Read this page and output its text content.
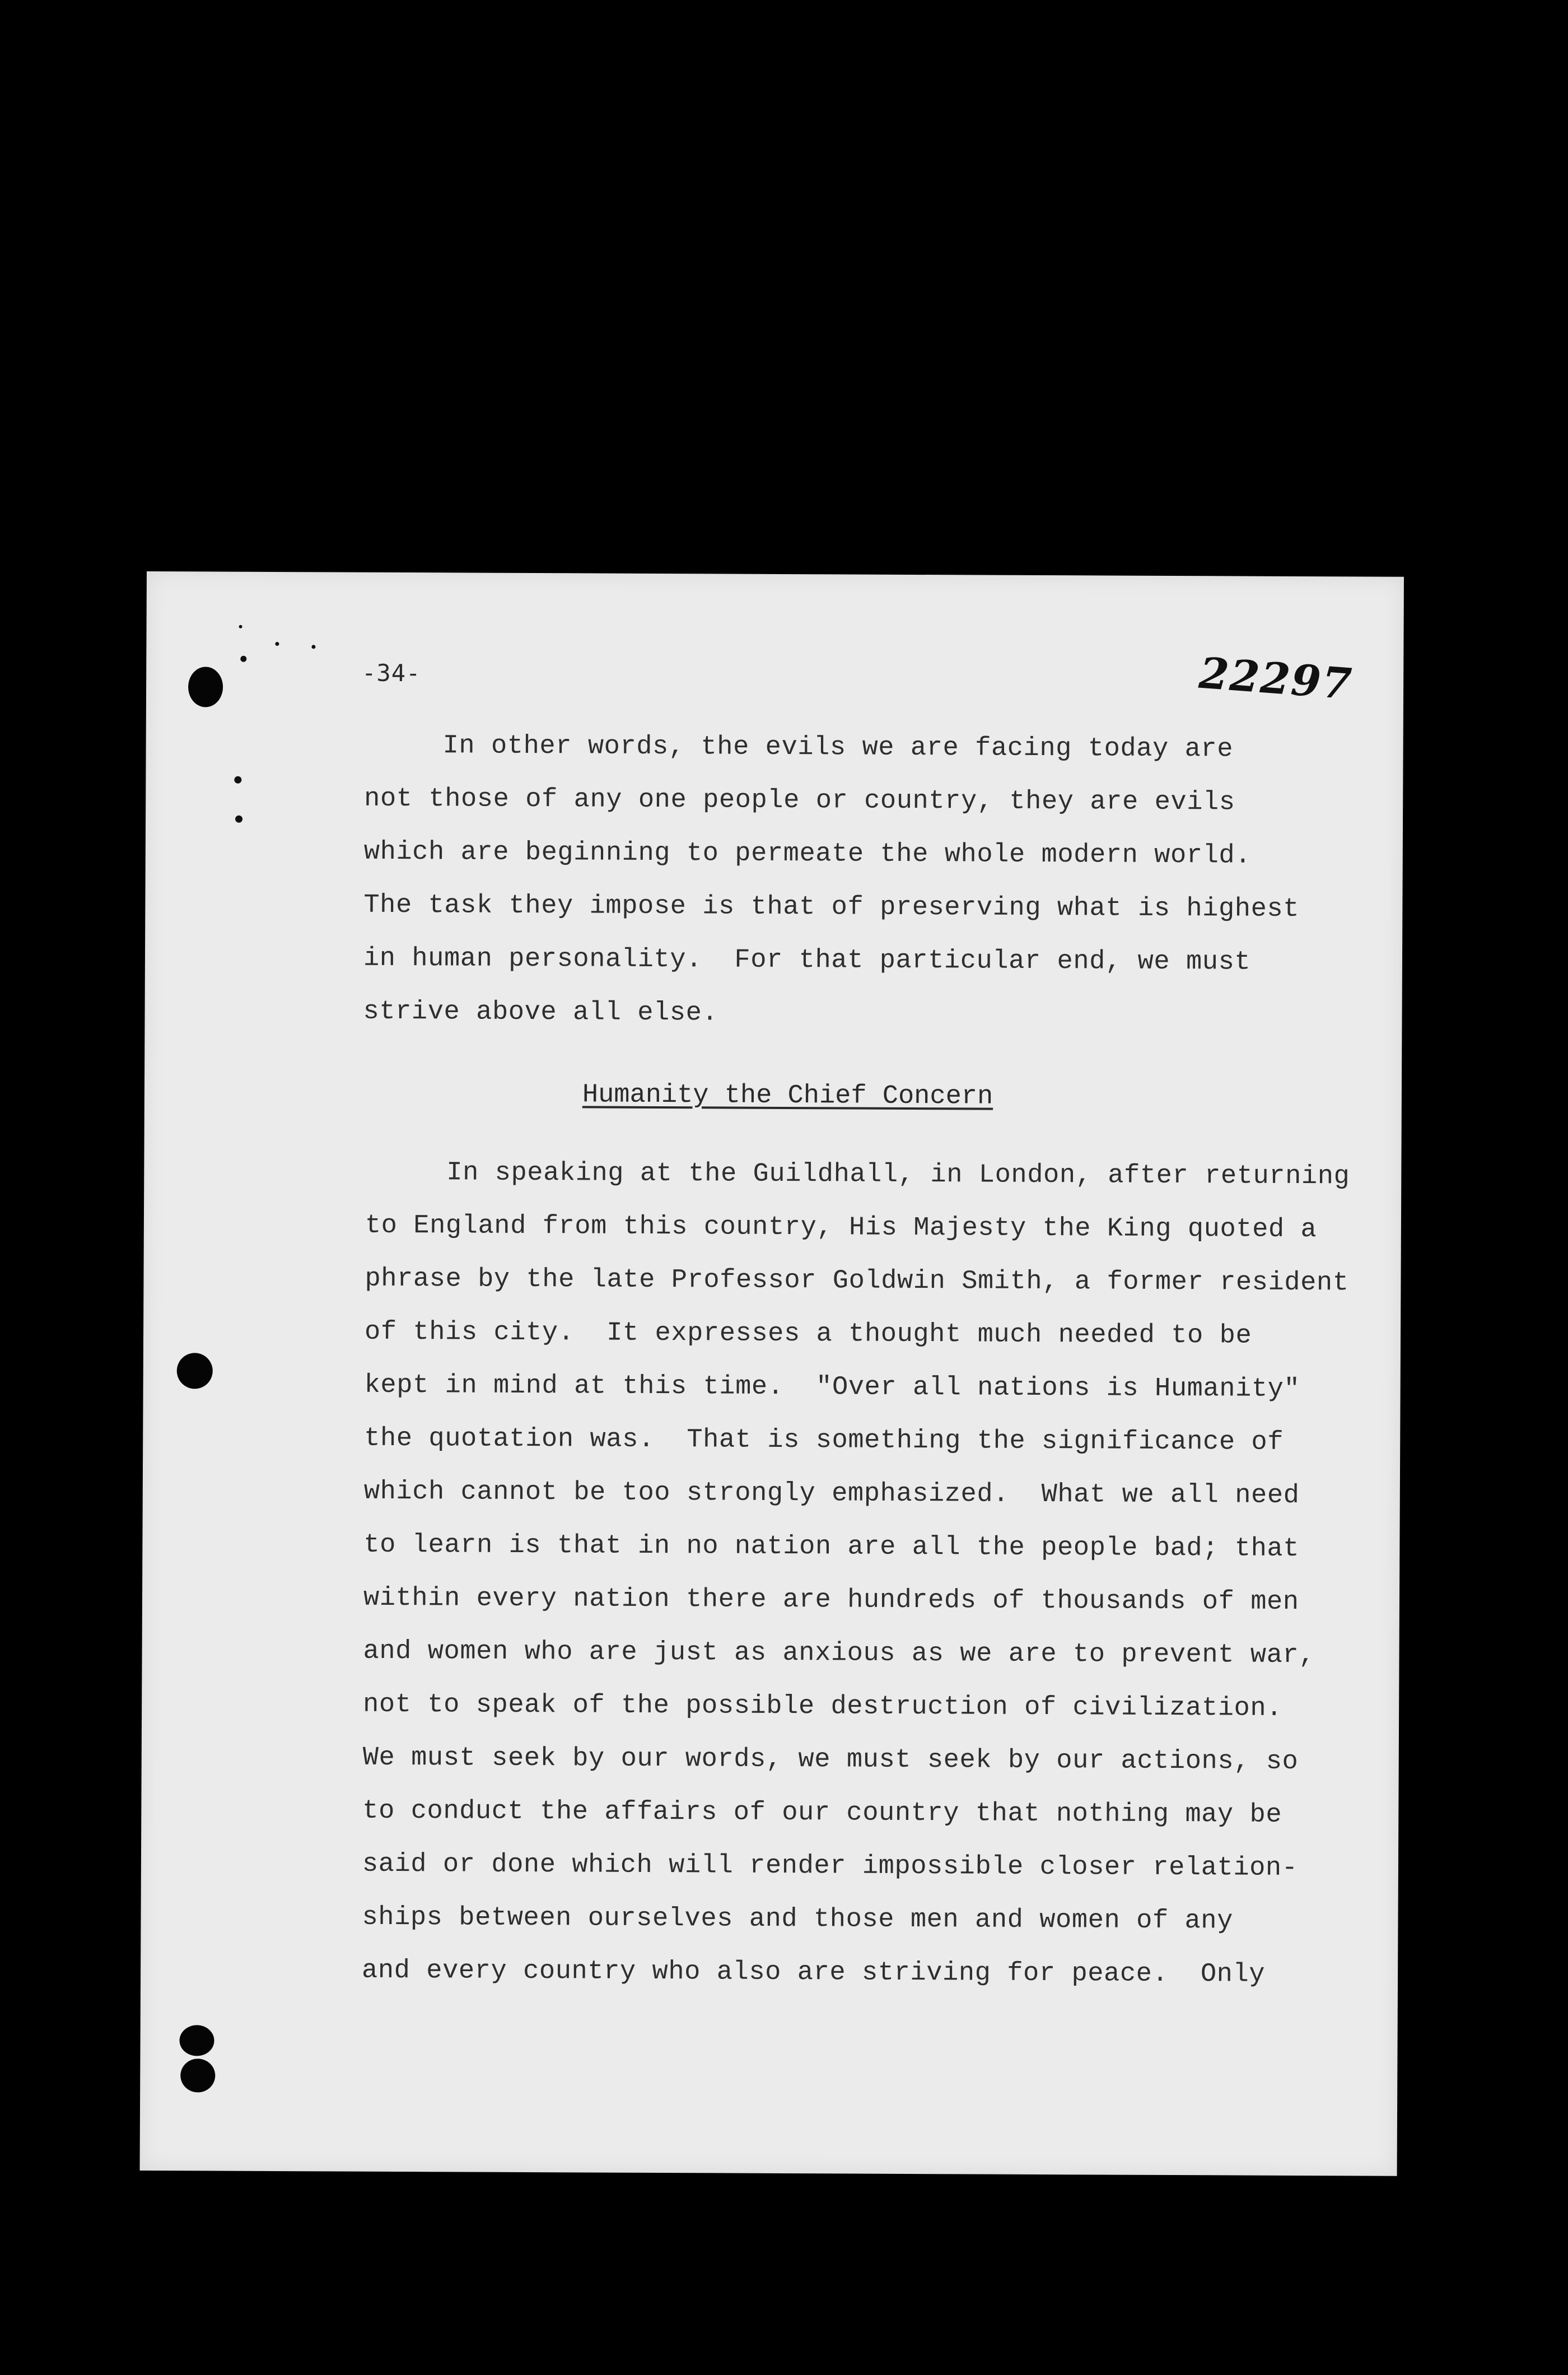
-34-	22297
In other words, the evils we are facing today are
not those of any one people or country, they are evils
which are beginning to permeate the whole modern world.
The task they impose is that of preserving what is highest
in human personality.  For that particular end, we must
strive above all else.
Humanity the Chief Concern
In speaking at the Guildhall, in London, after returning
to England from this country, His Majesty the King quoted a
phrase by the late Professor Goldwin Smith, a former resident
of this city.  It expresses a thought much needed to be
kept in mind at this time.  "Over all nations is Humanity"
the quotation was.  That is something the significance of
which cannot be too strongly emphasized.  What we all need
to learn is that in no nation are all the people bad; that
within every nation there are hundreds of thousands of men
and women who are just as anxious as we are to prevent war,
not to speak of the possible destruction of civilization.
We must seek by our words, we must seek by our actions, so
to conduct the affairs of our country that nothing may be
said or done which will render impossible closer relation-
ships between ourselves and those men and women of any
and every country who also are striving for peace.  Only
